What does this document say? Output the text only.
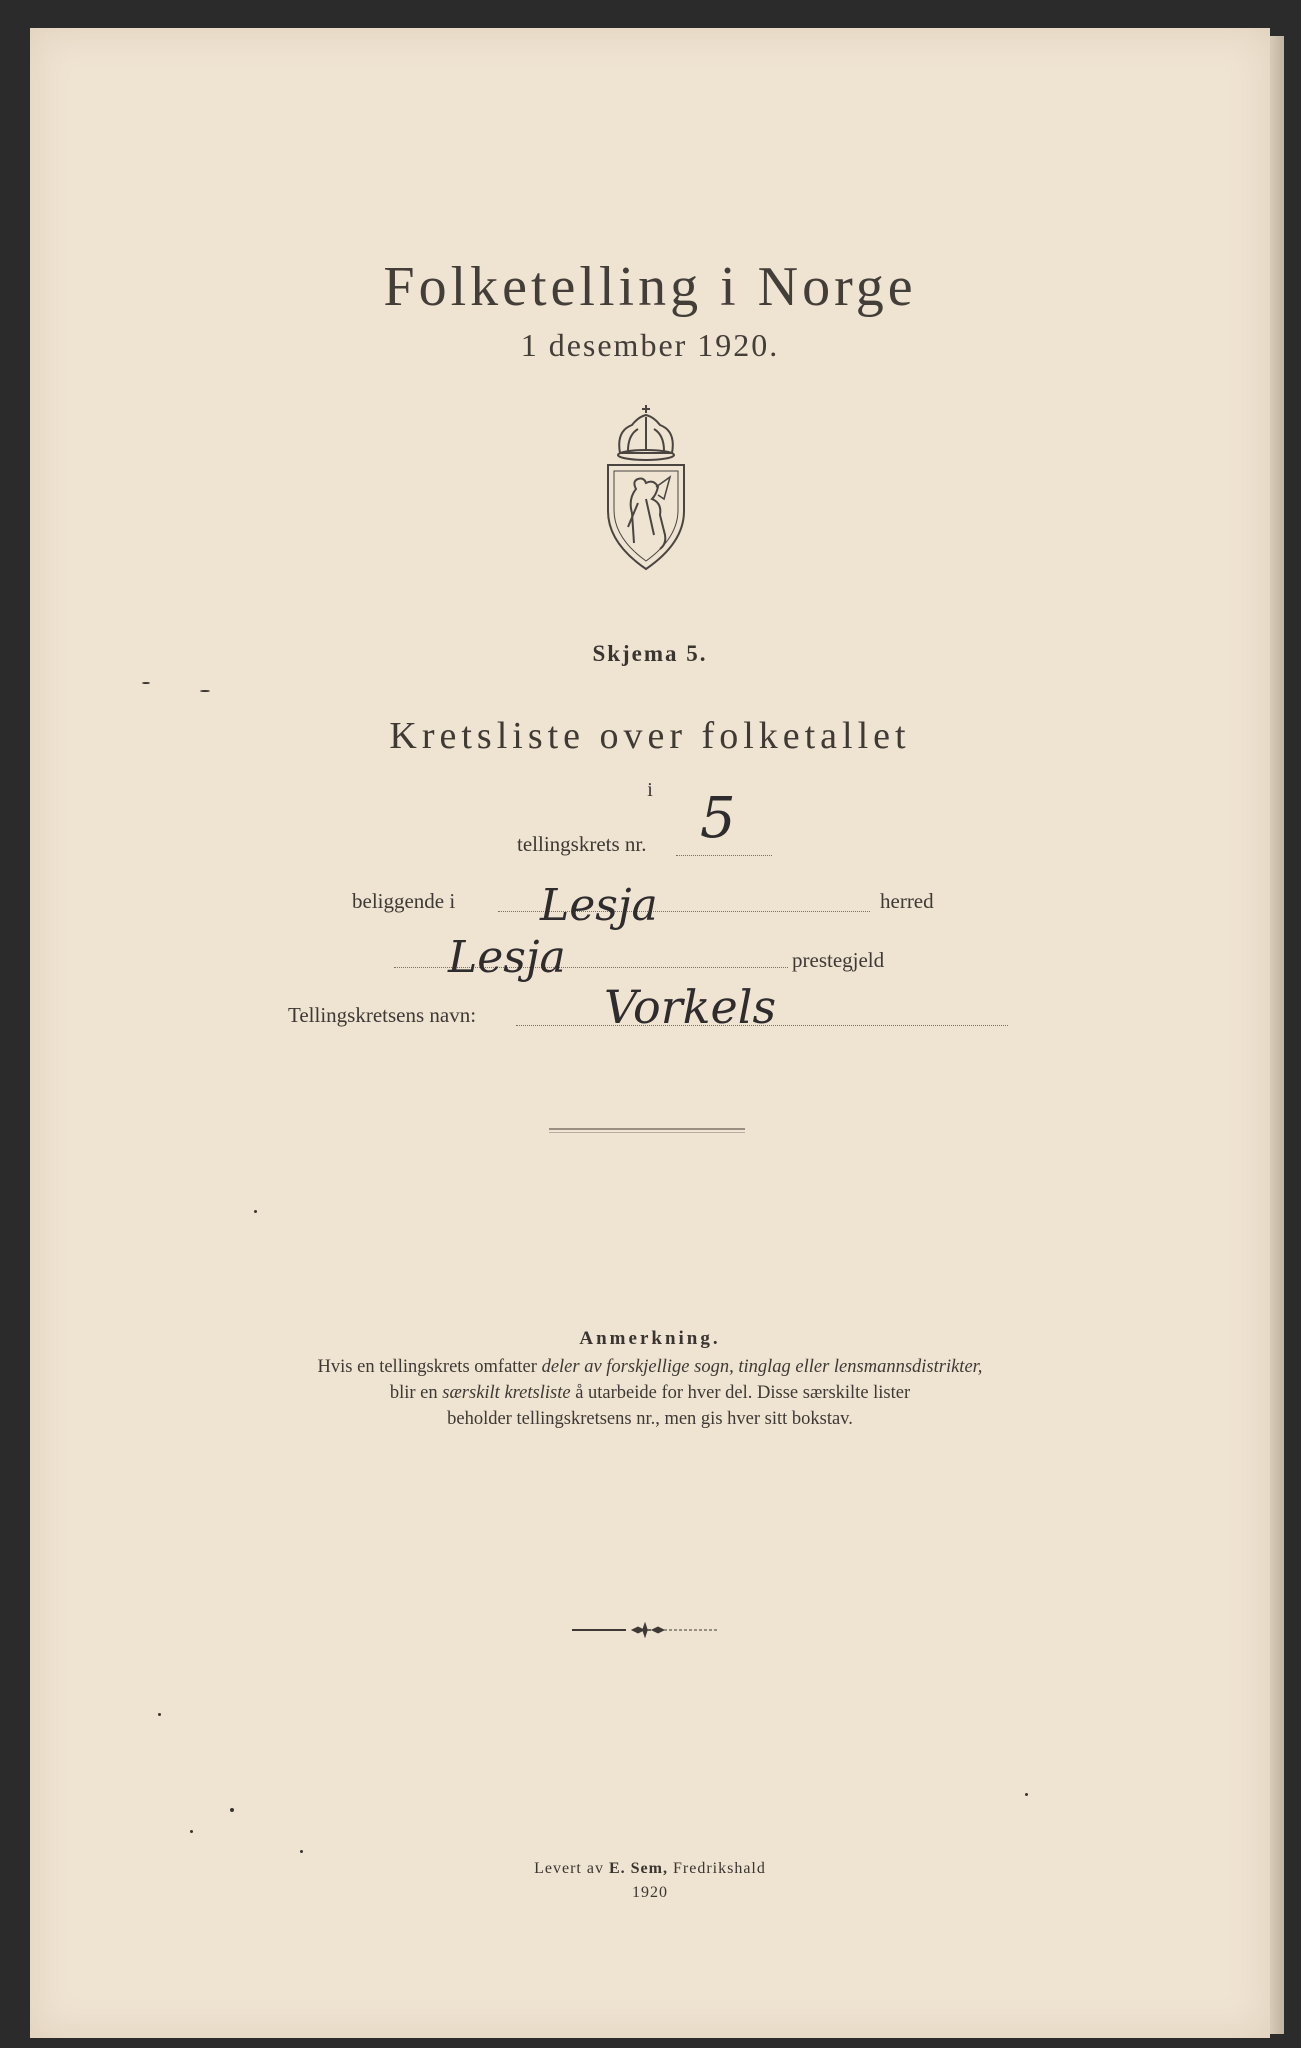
Folketelling i Norge
1 desember 1920.
Skjema 5.
Kretsliste over folketallet
i
tellingskrets nr. 5
beliggende i Lesja	herred
Lesja	prestegjeld
Tellingskretsens navn:	Vorkels
Anmerkning.
Hvis en tellingskrets omfatter deler av forskjellige sogn, tinglag eller lensmannsdistrikter,
blir en særskilt kretsliste å utarbeide for hver del. Disse særskilte lister
beholder tellingskretsens nr., men gis hver sitt bokstav.
Levert av E. Sem, Fredrikshald
1920
